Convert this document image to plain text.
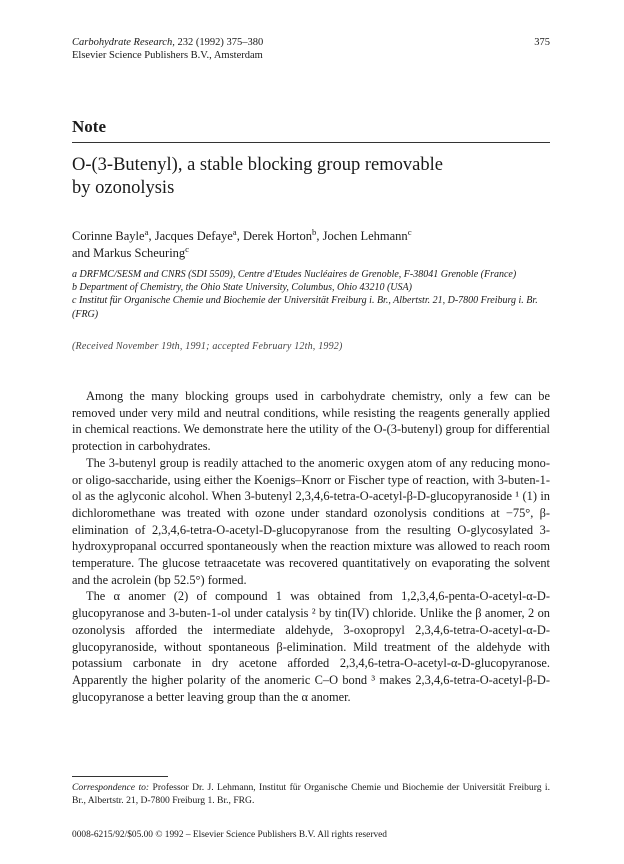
Carbohydrate Research, 232 (1992) 375–380
Elsevier Science Publishers B.V., Amsterdam
375
Note
O-(3-Butenyl), a stable blocking group removable
by ozonolysis
Corinne Bayle$^a$, Jacques Defaye$^a$, Derek Horton$^b$, Jochen Lehmann$^c$
and Markus Scheuring$^c$
a DRFMC/SESM and CNRS (SDI 5509), Centre d'Etudes Nucléaires de Grenoble, F-38041 Grenoble (France)
b Department of Chemistry, the Ohio State University, Columbus, Ohio 43210 (USA)
c Institut für Organische Chemie und Biochemie der Universität Freiburg i. Br., Albertstr. 21, D-7800 Freiburg i. Br. (FRG)
(Received November 19th, 1991; accepted February 12th, 1992)

Among the many blocking groups used in carbohydrate chemistry, only a few can be removed under very mild and neutral conditions, while resisting the reagents generally applied in chemical reactions. We demonstrate here the utility of the O-(3-butenyl) group for differential protection in carbohydrates.

The 3-butenyl group is readily attached to the anomeric oxygen atom of any reducing mono- or oligo-saccharide, using either the Koenigs–Knorr or Fischer type of reaction, with 3-buten-1-ol as the aglyconic alcohol. When 3-butenyl 2,3,4,6-tetra-O-acetyl-β-D-glucopyranoside ¹ (1) in dichloromethane was treated with ozone under standard ozonolysis conditions at −75°, β-elimination of 2,3,4,6-tetra-O-acetyl-D-glucopyranose from the resulting O-glycosylated 3-hydroxypropanal occurred spontaneously when the reaction mixture was allowed to reach room temperature. The glucose tetraacetate was recovered quantitatively on evaporating the solvent and the acrolein (bp 52.5°) formed.

The α anomer (2) of compound 1 was obtained from 1,2,3,4,6-penta-O-acetyl-α-D-glucopyranose and 3-buten-1-ol under catalysis ² by tin(IV) chloride. Unlike the β anomer, 2 on ozonolysis afforded the intermediate aldehyde, 3-oxopropyl 2,3,4,6-tetra-O-acetyl-α-D-glucopyranoside, without spontaneous β-elimination. Mild treatment of the aldehyde with potassium carbonate in dry acetone afforded 2,3,4,6-tetra-O-acetyl-α-D-glucopyranose. Apparently the higher polarity of the anomeric C–O bond ³ makes 2,3,4,6-tetra-O-acetyl-β-D-glucopyranose a better leaving group than the α anomer.

Correspondence to: Professor Dr. J. Lehmann, Institut für Organische Chemie und Biochemie der Universität Freiburg i. Br., Albertstr. 21, D-7800 Freiburg 1. Br., FRG.
0008-6215/92/$05.00 © 1992 – Elsevier Science Publishers B.V. All rights reserved
